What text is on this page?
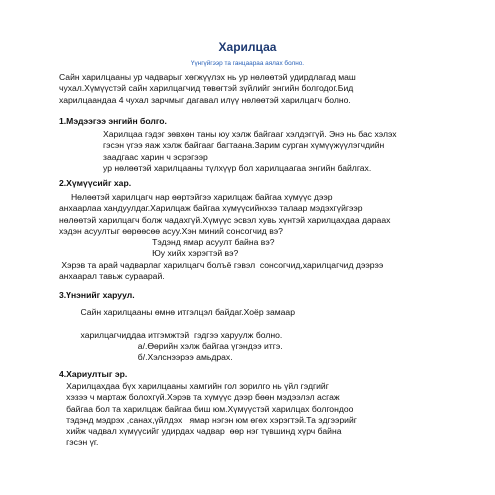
Харилцаа
Үүнгүйгээр та ганцаараа аялах болно.
Сайн харилцааны ур чадварыг хөгжүүлэх нь ур нөлөөтэй удирдлагад маш
чухал.Хүмүүстэй сайн харилцагчид төвөгтэй зүйлийг энгийн болгодог.Бид
харилцаандаа 4 чухал зарчмыг дагавал илүү нөлөөтэй харилцагч болно.
1.Мэдээгээ энгийн болго.
Харилцаа гэдэг зөвхөн таны юу хэлж байгааг хэлдэггүй. Энэ нь бас хэлэх
гэсэн үгээ яаж хэлж байгааг багтаана.Зарим сурган хүмүүжүүлэгчдийн
заадгаас харин ч эсрэгээр
ур нөлөөтэй харилцааны түлхүүр бол харилцаагаа энгийн байлгах.
2.Хүмүүсийг хар.
Нөлөөтэй харилцагч нар өөртэйгээ харилцаж байгаа хүмүүс дээр
анхаарлаа хандуулдаг.Харилцаж байгаа хүмүүсийнхээ талаар мэдэхгүйгээр
нөлөөтэй харилцагч болж чадахгүй.Хүмүүс эсвэл хувь хүнтэй харилцахдаа дараах
хэдэн асуултыг өөрөөсөө асуу.Хэн миний сонсогчид вэ?
Тэдэнд ямар асуулт байна вэ?
Юу хийх хэрэгтэй вэ?
Хэрэв та арай чадварлаг харилцагч болъё гэвэл  сонсогчид,харилцагчид дээрээ
анхаарал тавьж сураарай.
3.Үнэнийг харуул.
Сайн харилцааны өмнө итгэлцэл байдаг.Хоёр замаар

харилцагчиддаа итгэмжтэй  гэдгээ харуулж болно.
а/.Өөрийн хэлж байгаа үгэндээ итгэ.
б/.Хэлснээрээ амьдрах.
4.Хариултыг эр.
Харилцахдаа бүх харилцааны хамгийн гол зорилго нь үйл гэдгийг
хэзээ ч мартаж болохгүй.Хэрэв та хүмүүс дээр бөөн мэдээлэл асгаж
байгаа бол та харилцаж байгаа биш юм.Хүмүүстэй харилцах болгондоо
тэдэнд мэдрэх ,санах,үйлдэх   ямар нэгэн юм өгөх хэрэгтэй.Та эдгээрийг
хийж чадвал хүмүүсийг удирдах чадвар  өөр нэг түвшинд хүрч байна
гэсэн үг.
